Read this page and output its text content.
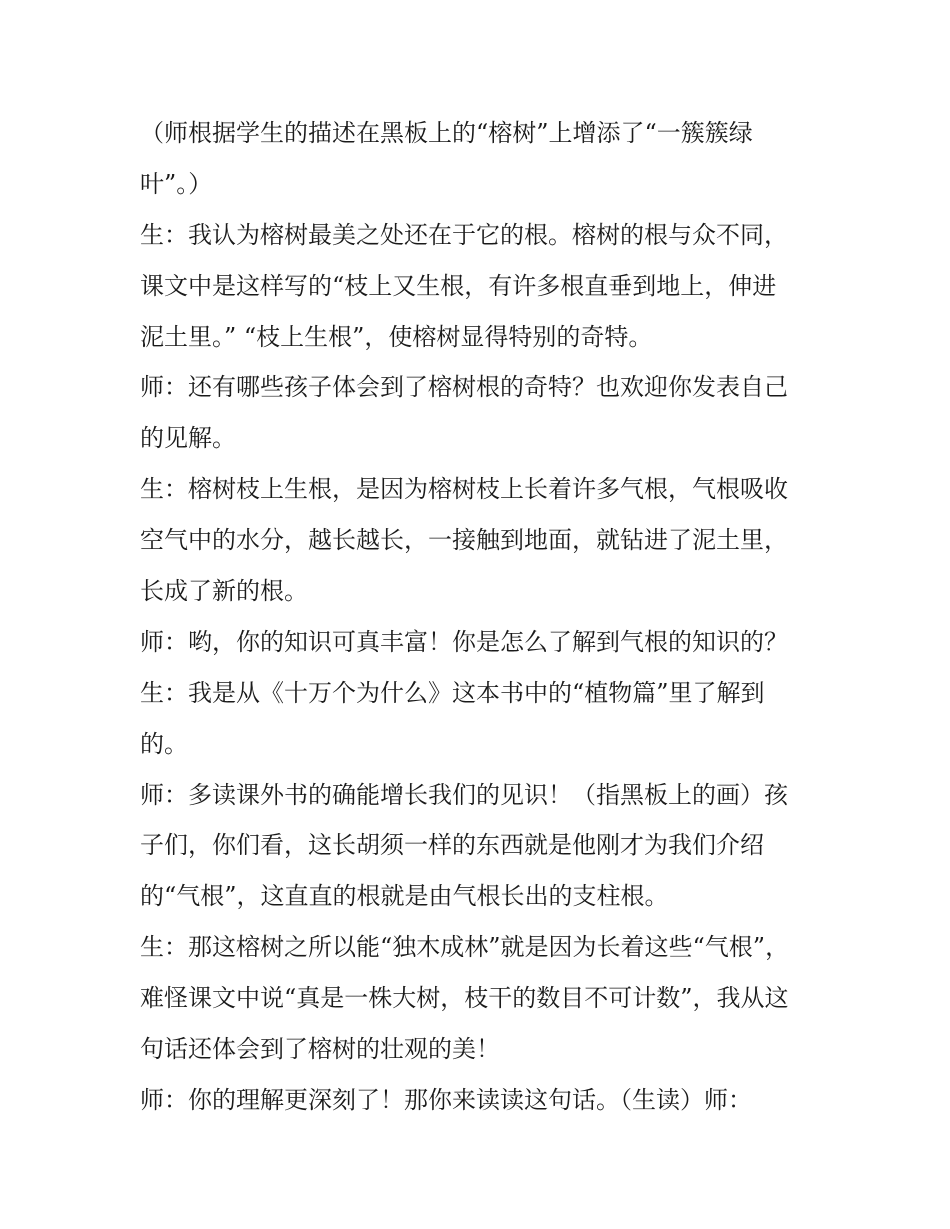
（师根据学生的描述在黑板上的“榕树”上增添了“一簇簇绿
叶”。）
生：我认为榕树最美之处还在于它的根。榕树的根与众不同，
课文中是这样写的“枝上又生根，有许多根直垂到地上，伸进
泥土里。” “枝上生根”，使榕树显得特别的奇特。
师：还有哪些孩子体会到了榕树根的奇特？也欢迎你发表自己
的见解。
生：榕树枝上生根，是因为榕树枝上长着许多气根，气根吸收
空气中的水分，越长越长，一接触到地面，就钻进了泥土里，
长成了新的根。
师：哟，你的知识可真丰富！你是怎么了解到气根的知识的？
生：我是从《十万个为什么》这本书中的“植物篇”里了解到
的。
师：多读课外书的确能增长我们的见识！（指黑板上的画）孩
子们，你们看，这长胡须一样的东西就是他刚才为我们介绍
的“气根”，这直直的根就是由气根长出的支柱根。
生：那这榕树之所以能“独木成林”就是因为长着这些“气根”，
难怪课文中说“真是一株大树，枝干的数目不可计数”，我从这
句话还体会到了榕树的壮观的美！
师：你的理解更深刻了！那你来读读这句话。（生读）师：
